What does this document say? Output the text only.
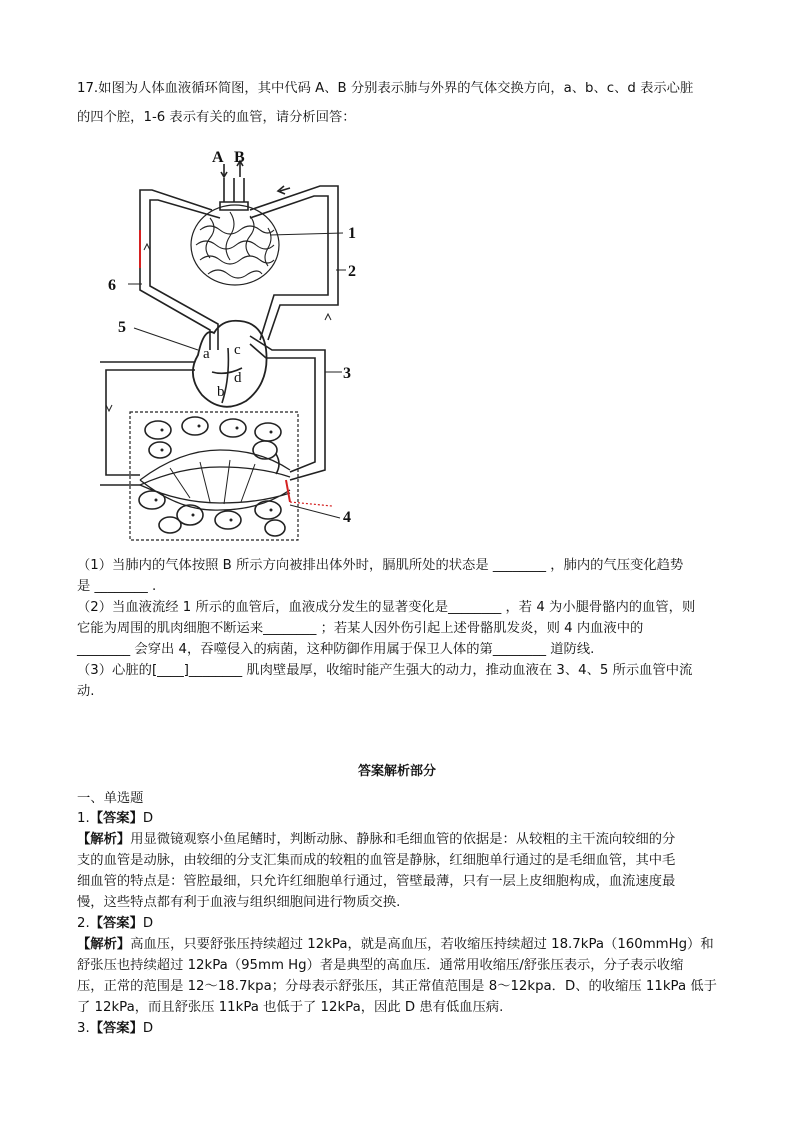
17.如图为人体血液循环简图，其中代码 A、B 分别表示肺与外界的气体交换方向，a、b、c、d 表示心脏
的四个腔，1-6 表示有关的血管，请分析回答：
A B
1
2
6
5
3
4
a c
b
d
（1）当肺内的气体按照 B 所示方向被排出体外时，膈肌所处的状态是 ________ ，肺内的气压变化趋势
是 ________ .
（2）当血液流经 1 所示的血管后，血液成分发生的显著变化是________ ，若 4 为小腿骨骼内的血管，则
它能为周围的肌肉细胞不断运来________ ；若某人因外伤引起上述骨骼肌发炎，则 4 内血液中的
________ 会穿出 4，吞噬侵入的病菌，这种防御作用属于保卫人体的第________ 道防线.
（3）心脏的[____]________ 肌肉壁最厚，收缩时能产生强大的动力，推动血液在 3、4、5 所示血管中流
动.
答案解析部分
一、单选题
1.【答案】D
【解析】用显微镜观察小鱼尾鳍时，判断动脉、静脉和毛细血管的依据是：从较粗的主干流向较细的分
支的血管是动脉，由较细的分支汇集而成的较粗的血管是静脉，红细胞单行通过的是毛细血管，其中毛
细血管的特点是：管腔最细，只允许红细胞单行通过，管壁最薄，只有一层上皮细胞构成，血流速度最
慢，这些特点都有利于血液与组织细胞间进行物质交换.
2.【答案】D
【解析】高血压，只要舒张压持续超过 12kPa，就是高血压，若收缩压持续超过 18.7kPa（160mmHg）和
舒张压也持续超过 12kPa（95mm Hg）者是典型的高血压．通常用收缩压/舒张压表示，分子表示收缩
压，正常的范围是 12～18.7kpa；分母表示舒张压，其正常值范围是 8～12kpa．D、的收缩压 11kPa 低于
了 12kPa，而且舒张压 11kPa 也低于了 12kPa，因此 D 患有低血压病.
3.【答案】D
